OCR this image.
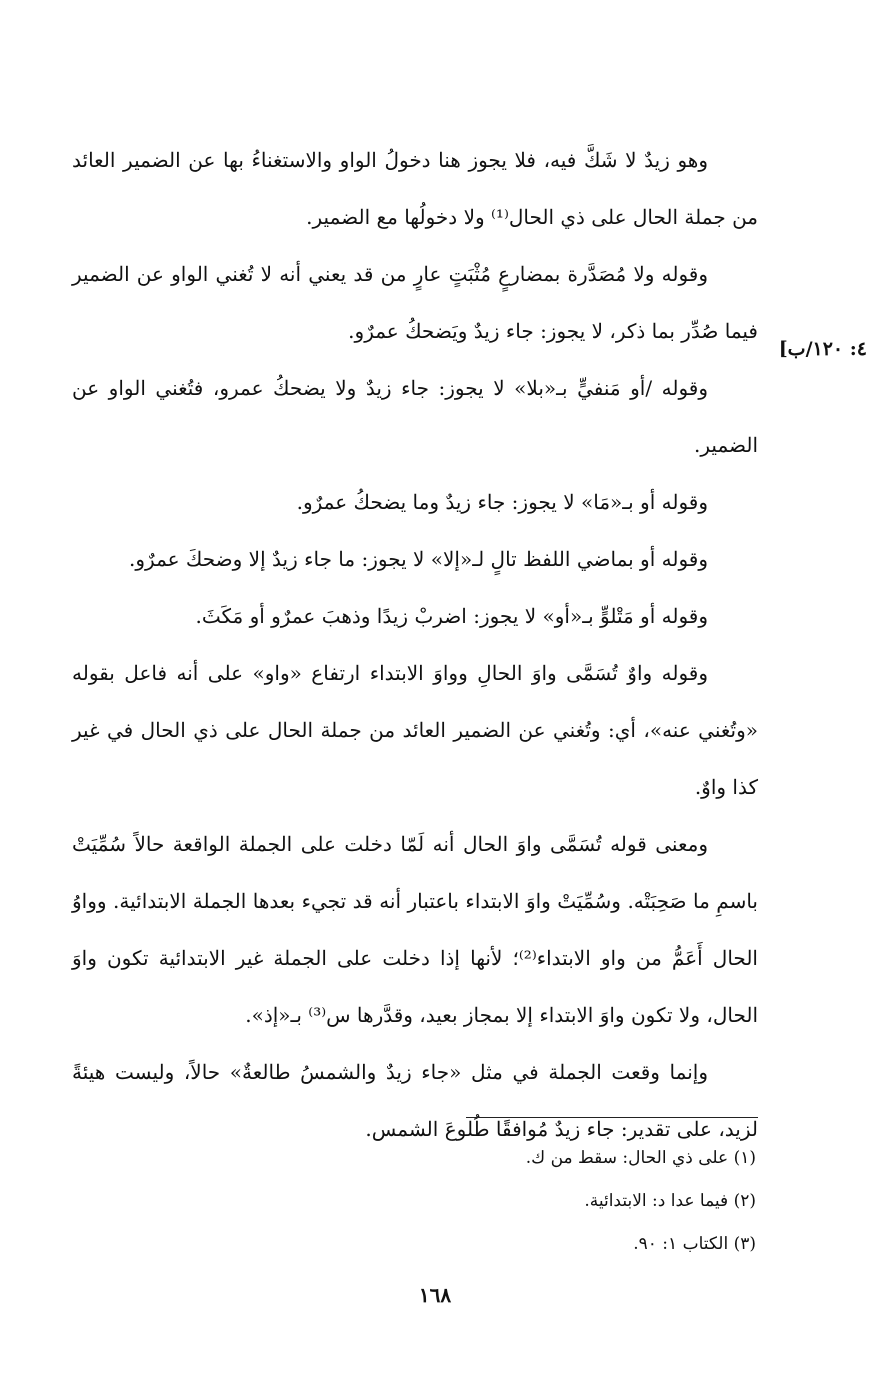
٤: ١٢٠/ب]

وهو زيدٌ لا شَكَّ فيه، فلا يجوز هنا دخولُ الواو والاستغناءُ بها عن الضمير العائد من جملة الحال على ذي الحال⁽¹⁾ ولا دخولُها مع الضمير.

وقوله ولا مُصَدَّرة بمضارعٍ مُثْبَتٍ عارٍ من قد يعني أنه لا تُغني الواو عن الضمير فيما صُدِّر بما ذكر، لا يجوز: جاء زيدٌ ويَضحكُ عمرٌو.

وقوله /أو مَنفيٍّ بـ«بلا» لا يجوز: جاء زيدٌ ولا يضحكُ عمرو، فتُغني الواو عن الضمير.

وقوله أو بـ«مَا» لا يجوز: جاء زيدٌ وما يضحكُ عمرٌو.

وقوله أو بماضي اللفظ تالٍ لـ«إلا» لا يجوز: ما جاء زيدٌ إلا وضحكَ عمرٌو.

وقوله أو مَتْلوٍّ بـ«أو» لا يجوز: اضربْ زيدًا وذهبَ عمرٌو أو مَكَثَ.

وقوله واوٌ تُسَمَّى واوَ الحالِ وواوَ الابتداء ارتفاع «واو» على أنه فاعل بقوله «وتُغني عنه»، أي: وتُغني عن الضمير العائد من جملة الحال على ذي الحال في غير كذا واوٌ.

ومعنى قوله تُسَمَّى واوَ الحال أنه لَمّا دخلت على الجملة الواقعة حالاً سُمِّيَتْ باسمِ ما صَحِبَتْه. وسُمِّيَتْ واوَ الابتداء باعتبار أنه قد تجيء بعدها الجملة الابتدائية. وواوُ الحال أَعَمُّ من واو الابتداء⁽²⁾؛ لأنها إذا دخلت على الجملة غير الابتدائية تكون واوَ الحال، ولا تكون واوَ الابتداء إلا بمجاز بعيد، وقدَّرها س⁽³⁾ بـ«إذ».

وإنما وقعت الجملة في مثل «جاء زيدٌ والشمسُ طالعةٌ» حالاً، وليست هيئةً لزيد، على تقدير: جاء زيدٌ مُوافقًا طُلوعَ الشمس.

(١) على ذي الحال: سقط من ك.

(٢) فيما عدا د: الابتدائية.

(٣) الكتاب ١: ٩٠.

١٦٨
